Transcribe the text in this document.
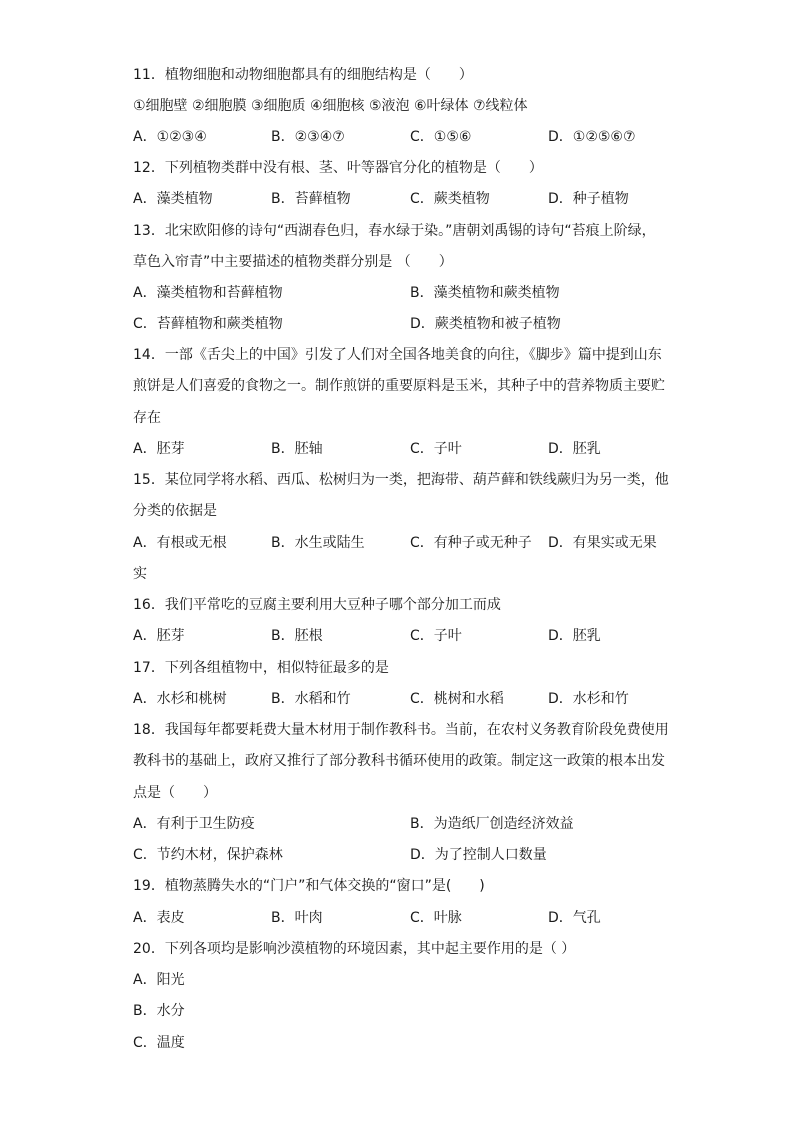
11．植物细胞和动物细胞都具有的细胞结构是（　　）
①细胞壁 ②细胞膜 ③细胞质 ④细胞核 ⑤液泡 ⑥叶绿体 ⑦线粒体
A．①②③④	B．②③④⑦	C．①⑤⑥	D．①②⑤⑥⑦
12．下列植物类群中没有根、茎、叶等器官分化的植物是（　　）
A．藻类植物	B．苔藓植物	C．蕨类植物	D．种子植物
13．北宋欧阳修的诗句“西湖春色归，春水绿于染。”唐朝刘禹锡的诗句“苔痕上阶绿，
草色入帘青”中主要描述的植物类群分别是 （　　）
A．藻类植物和苔藓植物	B．藻类植物和蕨类植物
C．苔藓植物和蕨类植物	D．蕨类植物和被子植物
14．一部《舌尖上的中国》引发了人们对全国各地美食的向往，《脚步》篇中提到山东
煎饼是人们喜爱的食物之一。制作煎饼的重要原料是玉米，其种子中的营养物质主要贮
存在
A．胚芽	B．胚轴	C．子叶	D．胚乳
15．某位同学将水稻、西瓜、松树归为一类，把海带、葫芦藓和铁线蕨归为另一类，他
分类的依据是
A．有根或无根	B．水生或陆生	C．有种子或无种子 D．有果实或无果
实
16．我们平常吃的豆腐主要利用大豆种子哪个部分加工而成
A．胚芽	B．胚根	C．子叶	D．胚乳
17．下列各组植物中，相似特征最多的是
A．水杉和桃树	B．水稻和竹	C．桃树和水稻	D．水杉和竹
18．我国每年都要耗费大量木材用于制作教科书。当前，在农村义务教育阶段免费使用
教科书的基础上，政府又推行了部分教科书循环使用的政策。制定这一政策的根本出发
点是（　　）
A．有利于卫生防疫	B．为造纸厂创造经济效益
C．节约木材，保护森林	D．为了控制人口数量
19．植物蒸腾失水的“门户”和气体交换的“窗口”是(　　)
A．表皮	B．叶肉	C．叶脉	D．气孔
20．下列各项均是影响沙漠植物的环境因素，其中起主要作用的是（ ）
A．阳光
B．水分
C．温度
